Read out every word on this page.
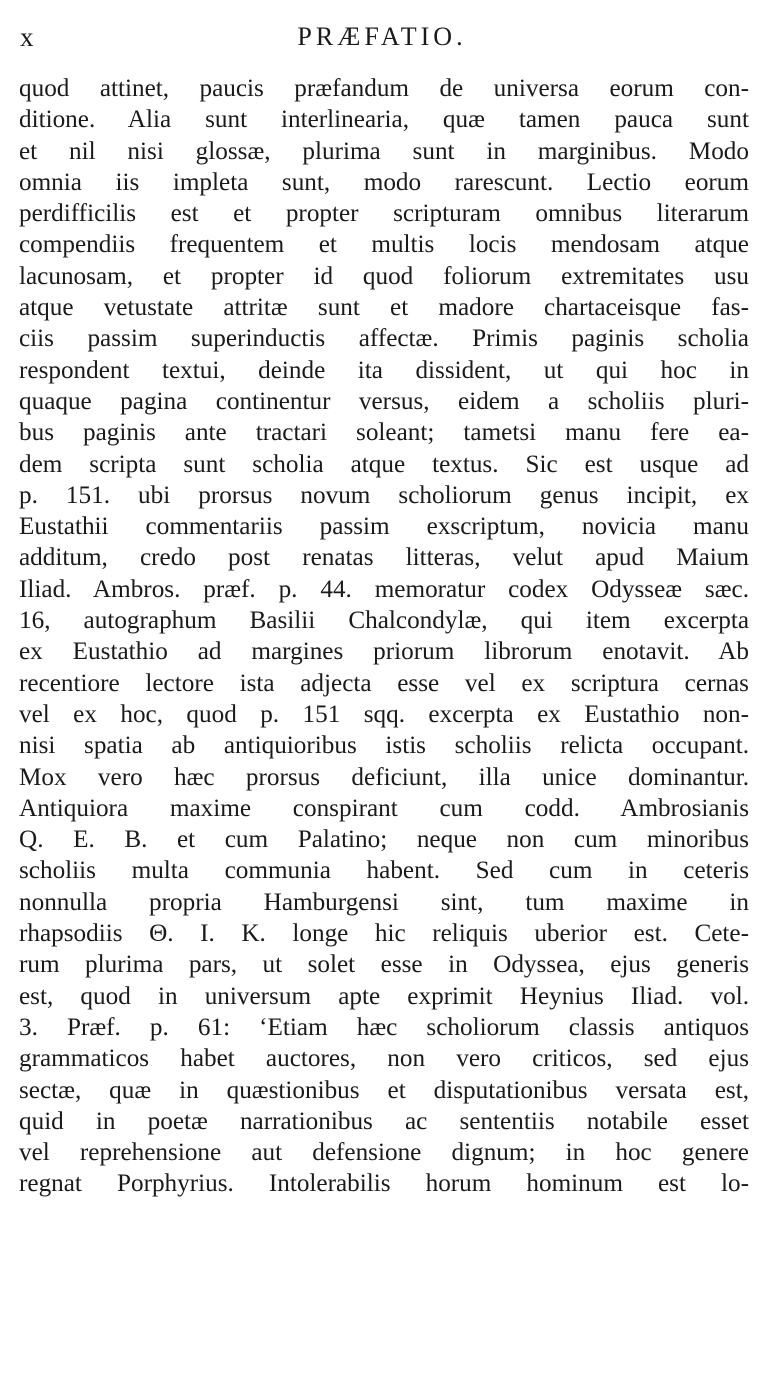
x	PRÆFATIO.
quod attinet, paucis præfandum de universa eorum con-
ditione. Alia sunt interlinearia, quæ tamen pauca sunt
et nil nisi glossæ, plurima sunt in marginibus. Modo
omnia iis impleta sunt, modo rarescunt. Lectio eorum
perdifficilis est et propter scripturam omnibus literarum
compendiis frequentem et multis locis mendosam atque
lacunosam, et propter id quod foliorum extremitates usu
atque vetustate attritæ sunt et madore chartaceisque fas-
ciis passim superinductis affectæ. Primis paginis scholia
respondent textui, deinde ita dissident, ut qui hoc in
quaque pagina continentur versus, eidem a scholiis pluri-
bus paginis ante tractari soleant; tametsi manu fere ea-
dem scripta sunt scholia atque textus. Sic est usque ad
p. 151. ubi prorsus novum scholiorum genus incipit, ex
Eustathii commentariis passim exscriptum, novicia manu
additum, credo post renatas litteras, velut apud Maium
Iliad. Ambros. præf. p. 44. memoratur codex Odysseæ sæc.
16, autographum Basilii Chalcondylæ, qui item excerpta
ex Eustathio ad margines priorum librorum enotavit. Ab
recentiore lectore ista adjecta esse vel ex scriptura cernas
vel ex hoc, quod p. 151 sqq. excerpta ex Eustathio non-
nisi spatia ab antiquioribus istis scholiis relicta occupant.
Mox vero hæc prorsus deficiunt, illa unice dominantur.
Antiquiora maxime conspirant cum codd. Ambrosianis
Q. E. B. et cum Palatino; neque non cum minoribus
scholiis multa communia habent. Sed cum in ceteris
nonnulla propria Hamburgensi sint, tum maxime in
rhapsodiis Θ. I. K. longe hic reliquis uberior est. Cete-
rum plurima pars, ut solet esse in Odyssea, ejus generis
est, quod in universum apte exprimit Heynius Iliad. vol.
3. Præf. p. 61: ‘Etiam hæc scholiorum classis antiquos
grammaticos habet auctores, non vero criticos, sed ejus
sectæ, quæ in quæstionibus et disputationibus versata est,
quid in poetæ narrationibus ac sententiis notabile esset
vel reprehensione aut defensione dignum; in hoc genere
regnat Porphyrius. Intolerabilis horum hominum est lo-
